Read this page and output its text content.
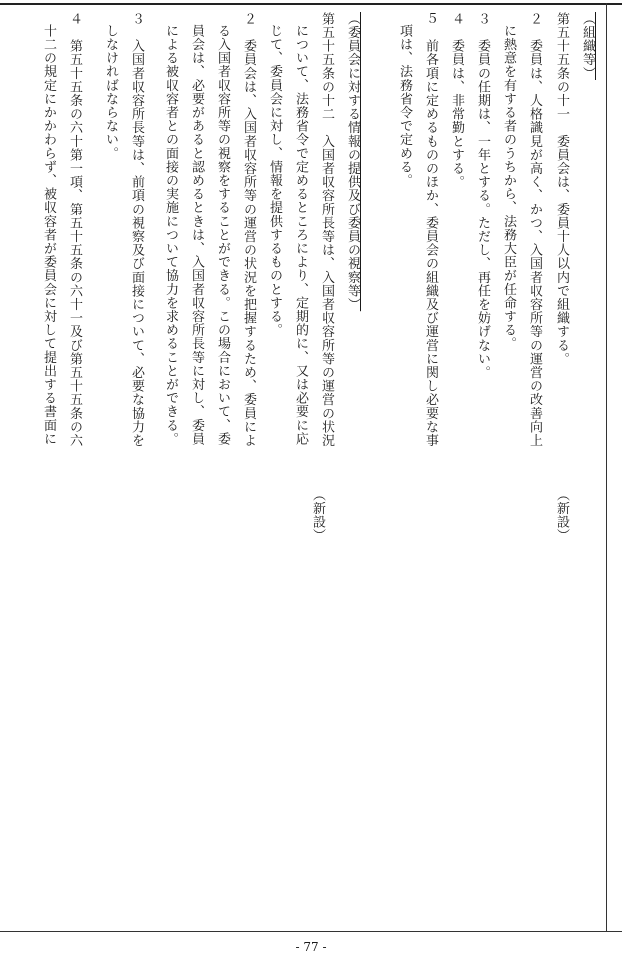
（組織等）
第五十五条の十一　委員会は、委員十人以内で組織する。
２　委員は、人格識見が高く、かつ、入国者収容所等の運営の改善向上
に熱意を有する者のうちから、法務大臣が任命する。
３　委員の任期は、一年とする。ただし、再任を妨げない。
４　委員は、非常勤とする。
５　前各項に定めるもののほか、委員会の組織及び運営に関し必要な事
項は、法務省令で定める。
（委員会に対する情報の提供及び委員の視察等）
第五十五条の十二　入国者収容所長等は、入国者収容所等の運営の状況
について、法務省令で定めるところにより、定期的に、又は必要に応
じて、委員会に対し、情報を提供するものとする。
２　委員会は、入国者収容所等の運営の状況を把握するため、委員によ
る入国者収容所等の視察をすることができる。この場合において、委
員会は、必要があると認めるときは、入国者収容所長等に対し、委員
による被収容者との面接の実施について協力を求めることができる。
３　入国者収容所長等は、前項の視察及び面接について、必要な協力を
しなければならない。
４　第五十五条の六十第一項、第五十五条の六十一及び第五十五条の六
十二の規定にかかわらず、被収容者が委員会に対して提出する書面に
（新設）
（新設）
- 77 -
